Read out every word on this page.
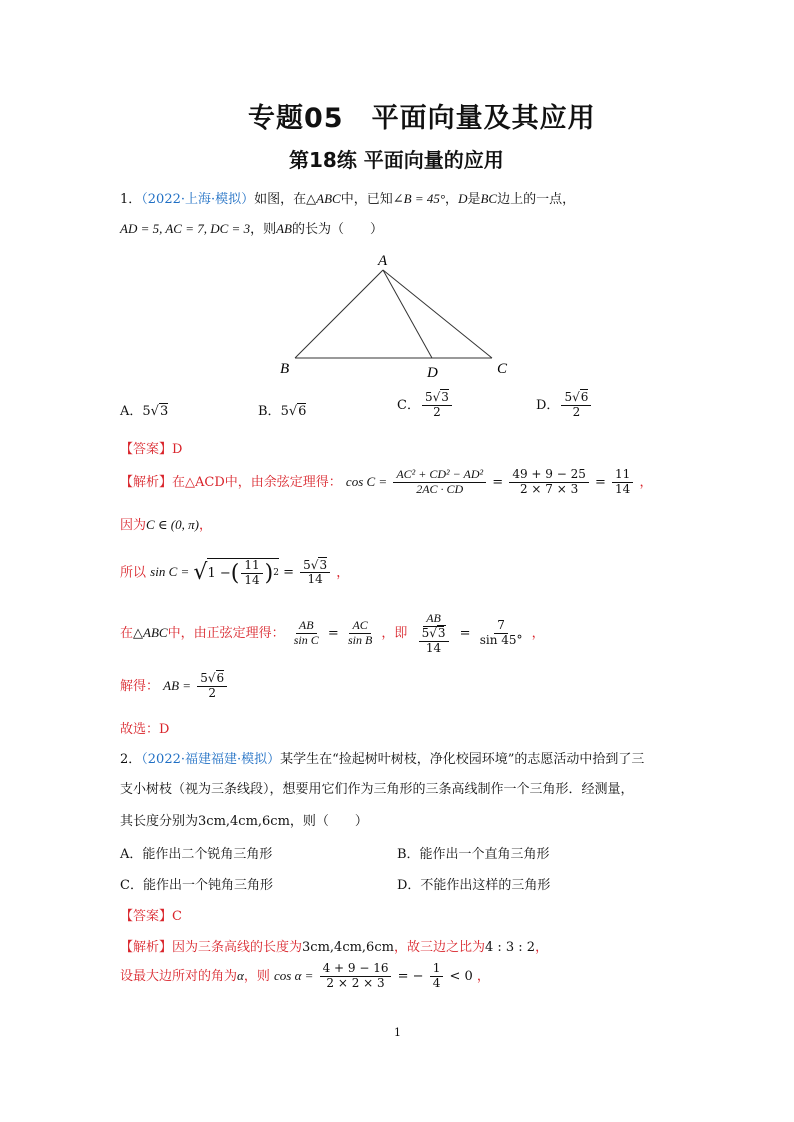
专题05　平面向量及其应用
第18练 平面向量的应用
1．（2022·上海·模拟）如图，在△ABC中，已知∠B = 45°，D是BC边上的一点，
AD = 5, AC = 7, DC = 3，则AB的长为（　　）
A
B	D	C
A．5 √ 3	B．5 √ 6	C． $\frac{5 √ 3}{2}$	D． $\frac{5 √ 6}{2}$
【答案】D
【解析】在△ACD中，由余弦定理得： $\cos C = \frac{\text{AC² + CD² − AD²}}{2AC \cdot CD} = \frac{49 + 9 - 25}{2 \times 7 \times 3} = \frac{11}{14}$ ，
因为C ∈ (0, π)，
所以 sin C = √ 1 − ( $\frac{11}{14}$ ) $2 = \frac{5 √ 3}{14}$ ，
在△ABC中，由正弦定理得： $\frac{AB}{\text{sin C}} = \frac{AC}{\text{sin B}}$ ，即 $\frac{AB}{\frac{5 √ 3}{14}} = \frac{7}{\sin 45^\circ}$ ，
解得： AB = $\frac{5 √ 6}{2}$
故选：D
2．（2022·福建福建·模拟）某学生在“捡起树叶树枝，净化校园环境”的志愿活动中拾到了三
支小树枝（视为三条线段），想要用它们作为三角形的三条高线制作一个三角形．经测量，
其长度分别为3cm,4cm,6cm，则（　　）
A．能作出二个锐角三角形	B．能作出一个直角三角形
C．能作出一个钝角三角形	D．不能作出这样的三角形
【答案】C
【解析】因为三条高线的长度为3cm,4cm,6cm，故三边之比为4 : 3 : 2，
设最大边所对的角为α，则 $\cos \alpha = \frac{4 + 9 - 16}{2 \times 2 \times 3}$ = − $\frac{1}{4} < 0$ ，
1
